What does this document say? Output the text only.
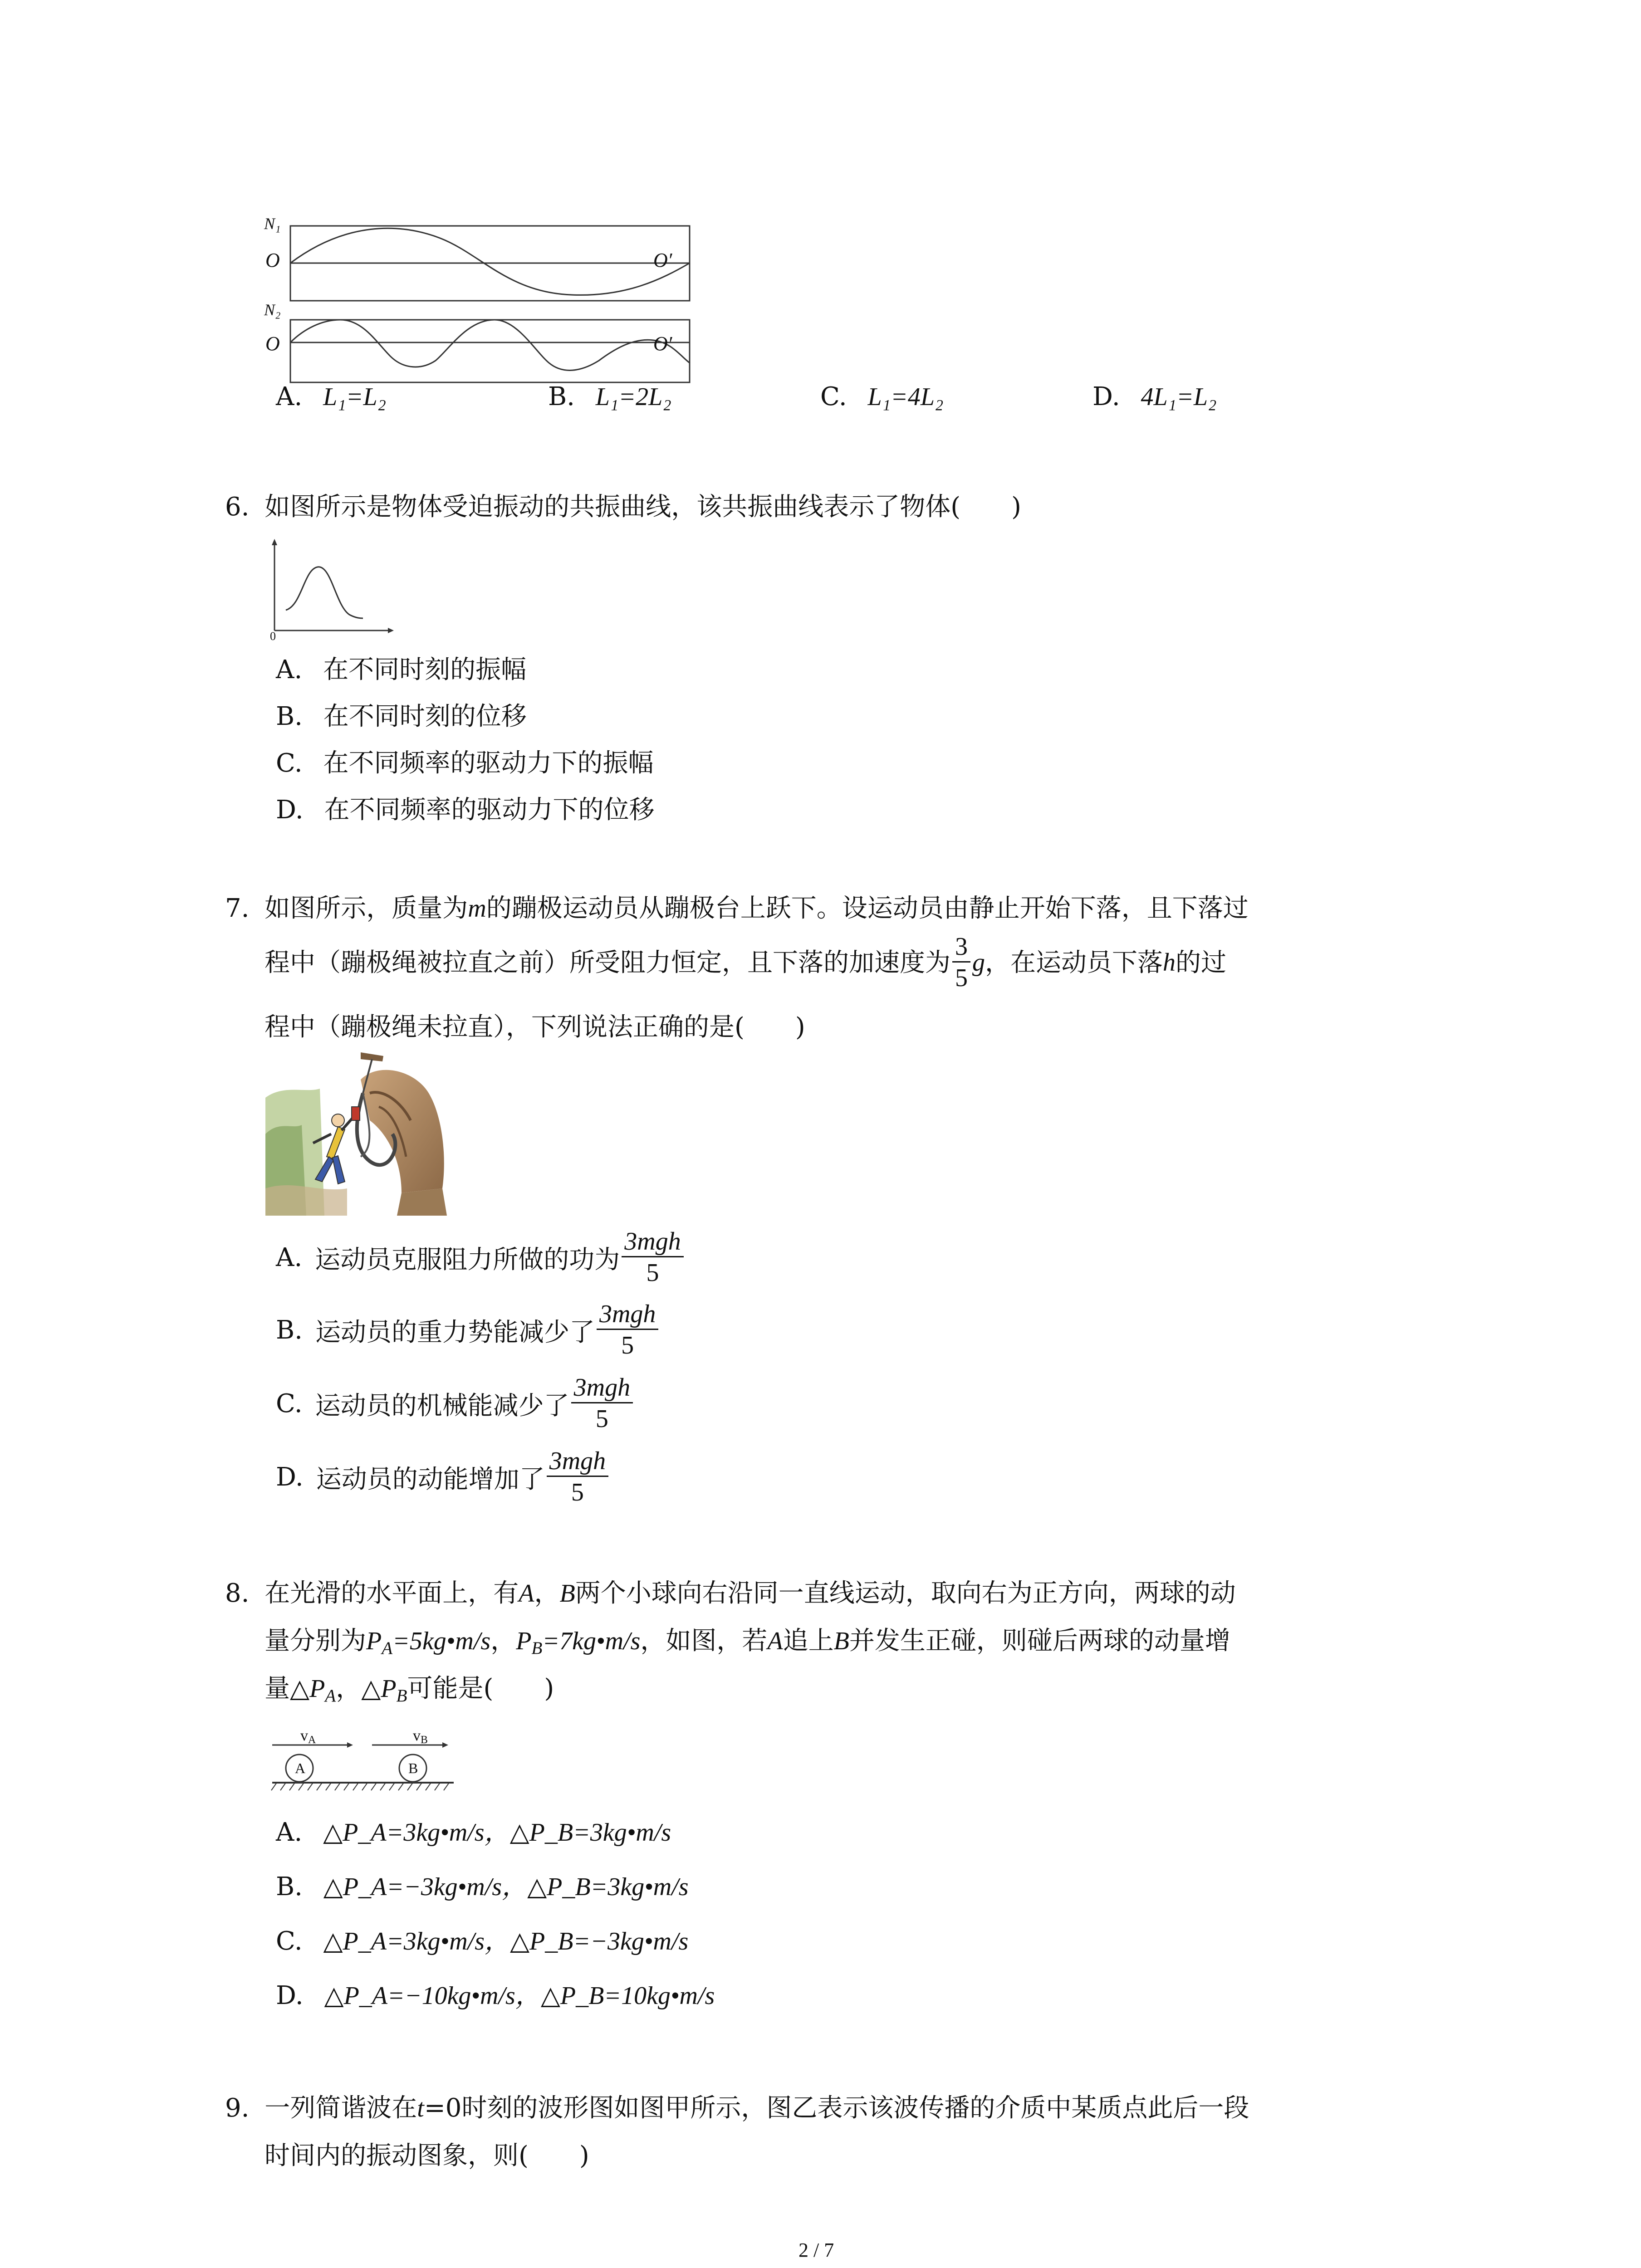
N₁
O	O′
N₂
O	O′
A. L₁=L₂	B. L₁=2L₂	C. L₁=4L₂	D. 4L₁=L₂
6. 如图所示是物体受迫振动的共振曲线，该共振曲线表示了物体(　　)
0
A. 在不同时刻的振幅
B. 在不同时刻的位移
C. 在不同频率的驱动力下的振幅
D. 在不同频率的驱动力下的位移
7. 如图所示，质量为m的蹦极运动员从蹦极台上跃下。设运动员由静止开始下落，且下落过
程中（蹦极绳被拉直之前）所受阻力恒定，且下落的加速度为 $\frac{3}{5}$ g，在运动员下落h的过
程中（蹦极绳未拉直），下列说法正确的是(　　)
A. 运动员克服阻力所做的功为 $\frac{\text{3mgh}}{5}$
B. 运动员的重力势能减少了 $\frac{\text{3mgh}}{5}$
C. 运动员的机械能减少了 $\frac{\text{3mgh}}{5}$
D. 运动员的动能增加了 $\frac{\text{3mgh}}{5}$
8. 在光滑的水平面上，有A，B两个小球向右沿同一直线运动，取向右为正方向，两球的动
量分别为$P_A=5kg•m/s$，$P_B=7kg•m/s$，如图，若A追上B并发生正碰，则碰后两球的动量增
量$\triangle P_A$，$\triangle P_B$可能是(　　)
$v_A$	$v_B$
A	B
A. △P_A=3kg•m/s，△P_B=3kg•m/s
B. △P_A=−3kg•m/s，△P_B=3kg•m/s
C. △P_A=3kg•m/s，△P_B=−3kg•m/s
D. △P_A=−10kg•m/s，△P_B=10kg•m/s
9. 一列简谐波在t=0时刻的波形图如图甲所示，图乙表示该波传播的介质中某质点此后一段
时间内的振动图象，则(　　)
2 / 7
